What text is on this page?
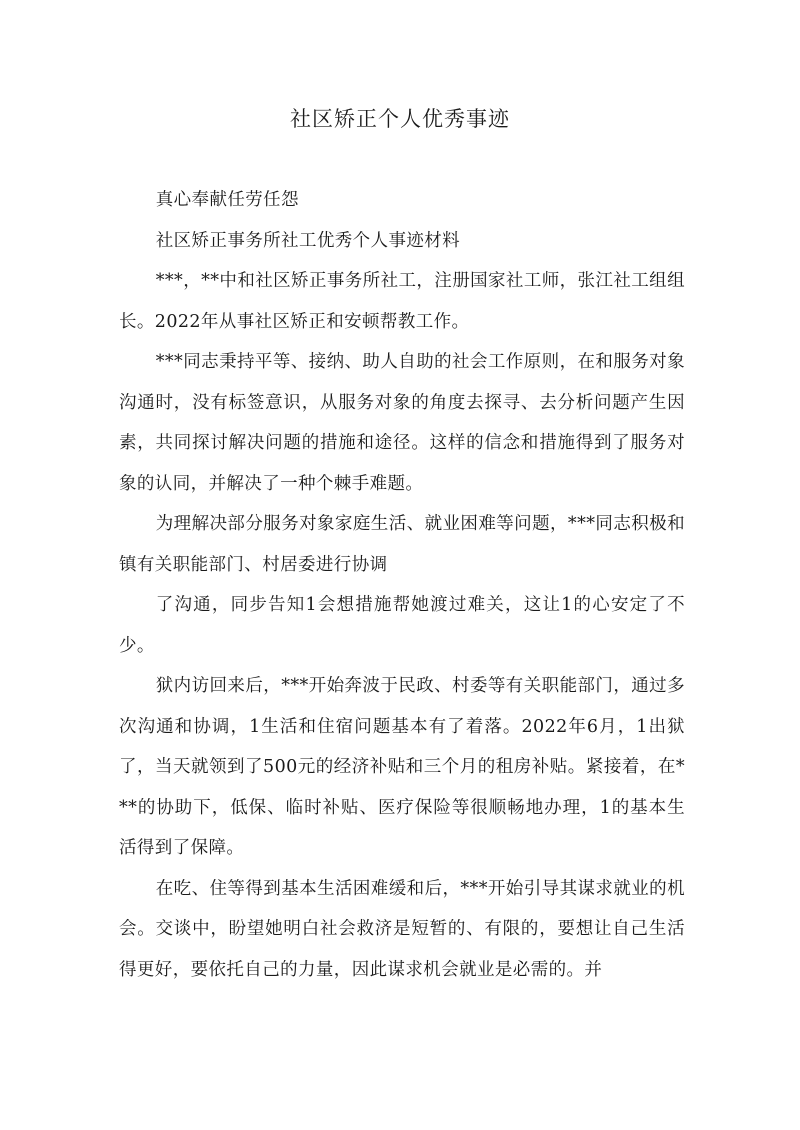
社区矫正个人优秀事迹

真心奉献任劳任怨

社区矫正事务所社工优秀个人事迹材料

***，**中和社区矫正事务所社工，注册国家社工师，张江社工组组长。2022年从事社区矫正和安顿帮教工作。

***同志秉持平等、接纳、助人自助的社会工作原则，在和服务对象沟通时，没有标签意识，从服务对象的角度去探寻、去分析问题产生因素，共同探讨解决问题的措施和途径。这样的信念和措施得到了服务对象的认同，并解决了一种个棘手难题。

为理解决部分服务对象家庭生活、就业困难等问题，***同志积极和镇有关职能部门、村居委进行协调

了沟通，同步告知1会想措施帮她渡过难关，这让1的心安定了不少。

狱内访回来后，***开始奔波于民政、村委等有关职能部门，通过多次沟通和协调，1生活和住宿问题基本有了着落。2022年6月，1出狱了，当天就领到了500元的经济补贴和三个月的租房补贴。紧接着，在***的协助下，低保、临时补贴、医疗保险等很顺畅地办理，1的基本生活得到了保障。

在吃、住等得到基本生活困难缓和后，***开始引导其谋求就业的机会。交谈中，盼望她明白社会救济是短暂的、有限的，要想让自己生活得更好，要依托自己的力量，因此谋求机会就业是必需的。并
